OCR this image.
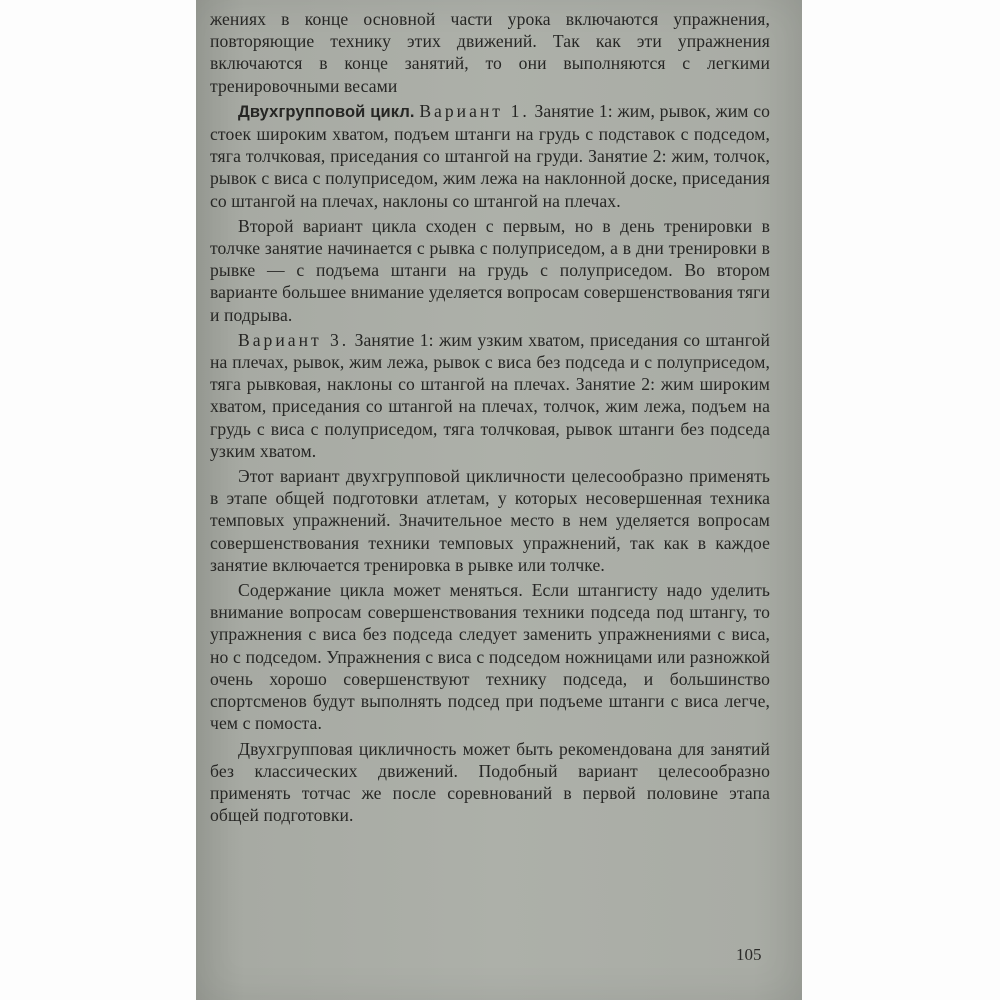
жениях в конце основной части урока включаются упражнения, повторяющие технику этих движений. Так как эти упражнения включаются в конце занятий, то они выполняются с легкими тренировочными весами

Двухгрупповой цикл. Вариант 1. Занятие 1: жим, рывок, жим со стоек широким хватом, подъем штанги на грудь с подставок с подседом, тяга толчковая, приседания со штангой на груди. Занятие 2: жим, толчок, рывок с виса с полуприседом, жим лежа на наклонной доске, приседания со штангой на плечах, наклоны со штангой на плечах.

Второй вариант цикла сходен с первым, но в день тренировки в толчке занятие начинается с рывка с полуприседом, а в дни тренировки в рывке — с подъема штанги на грудь с полуприседом. Во втором варианте большее внимание уделяется вопросам совершенствования тяги и подрыва.

Вариант 3. Занятие 1: жим узким хватом, приседания со штангой на плечах, рывок, жим лежа, рывок с виса без подседа и с полуприседом, тяга рывковая, наклоны со штангой на плечах. Занятие 2: жим широким хватом, приседания со штангой на плечах, толчок, жим лежа, подъем на грудь с виса с полуприседом, тяга толчковая, рывок штанги без подседа узким хватом.

Этот вариант двухгрупповой цикличности целесообразно применять в этапе общей подготовки атлетам, у которых несовершенная техника темповых упражнений. Значительное место в нем уделяется вопросам совершенствования техники темповых упражнений, так как в каждое занятие включается тренировка в рывке или толчке.

Содержание цикла может меняться. Если штангисту надо уделить внимание вопросам совершенствования техники подседа под штангу, то упражнения с виса без подседа следует заменить упражнениями с виса, но с подседом. Упражнения с виса с подседом ножницами или разножкой очень хорошо совершенствуют технику подседа, и большинство спортсменов будут выполнять подсед при подъеме штанги с виса легче, чем с помоста.

Двухгрупповая цикличность может быть рекомендована для занятий без классических движений. Подобный вариант целесообразно применять тотчас же после соревнований в первой половине этапа общей подготовки.

105
